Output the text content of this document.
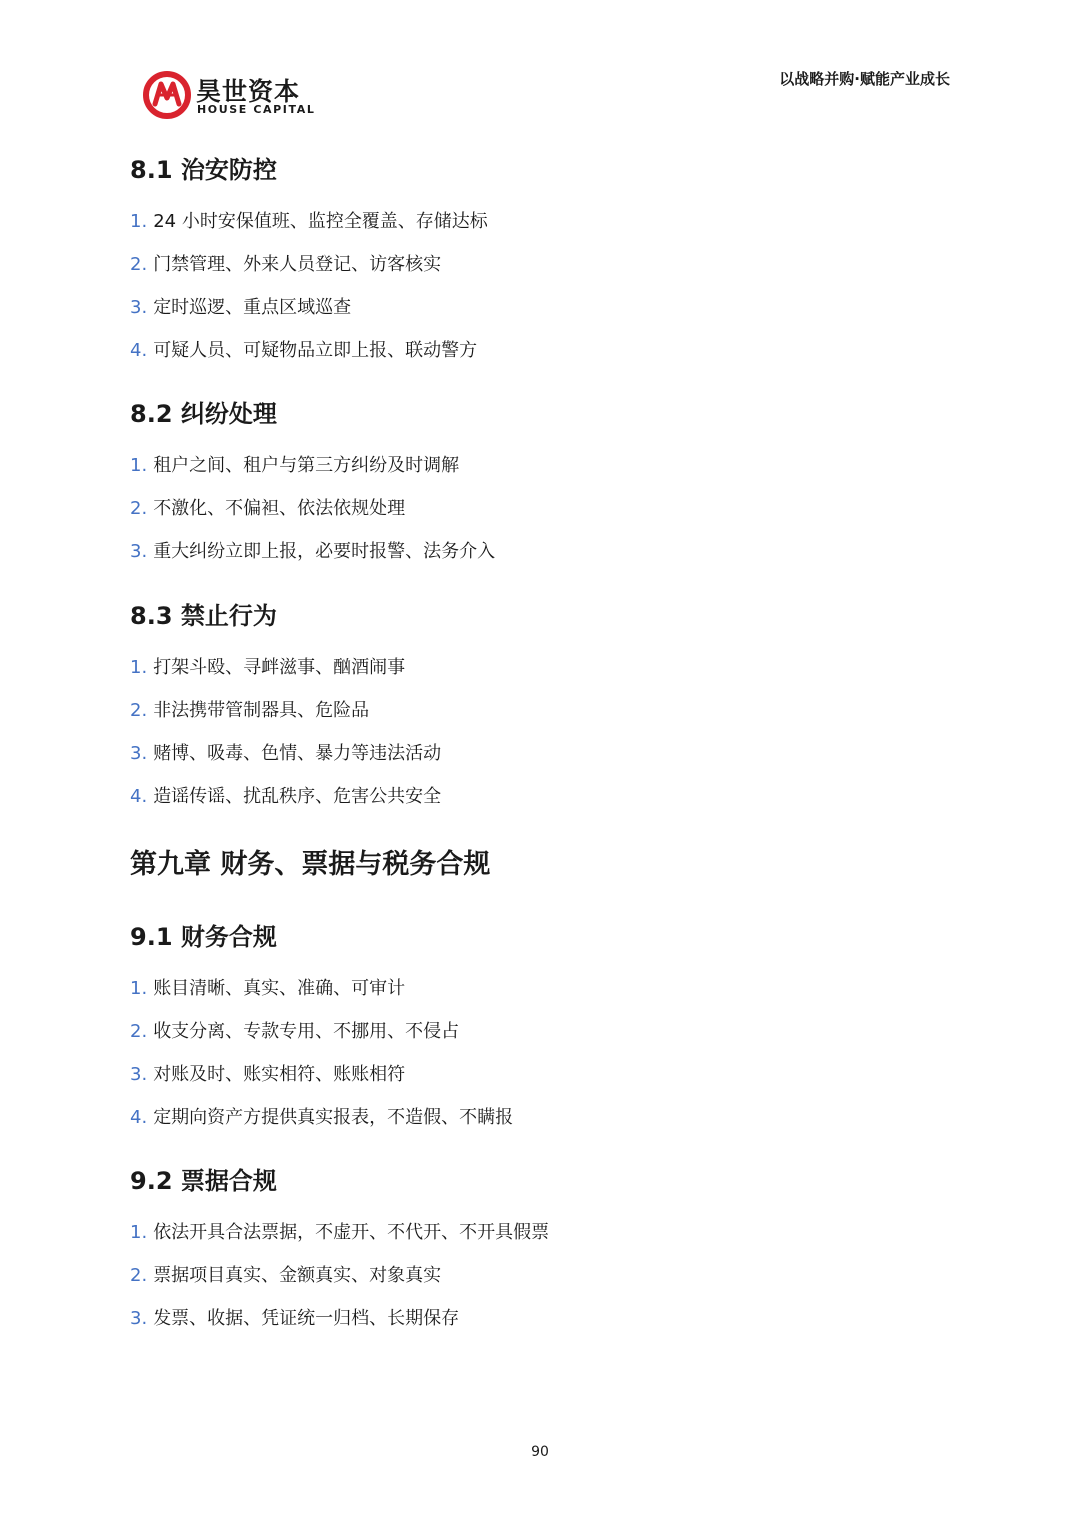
昊世资本
HOUSE CAPITAL
以战略并购·赋能产业成长
8.1 治安防控
1. 24 小时安保值班、监控全覆盖、存储达标
2. 门禁管理、外来人员登记、访客核实
3. 定时巡逻、重点区域巡查
4. 可疑人员、可疑物品立即上报、联动警方
8.2 纠纷处理
1. 租户之间、租户与第三方纠纷及时调解
2. 不激化、不偏袒、依法依规处理
3. 重大纠纷立即上报，必要时报警、法务介入
8.3 禁止行为
1. 打架斗殴、寻衅滋事、酗酒闹事
2. 非法携带管制器具、危险品
3. 赌博、吸毒、色情、暴力等违法活动
4. 造谣传谣、扰乱秩序、危害公共安全
第九章 财务、票据与税务合规
9.1 财务合规
1. 账目清晰、真实、准确、可审计
2. 收支分离、专款专用、不挪用、不侵占
3. 对账及时、账实相符、账账相符
4. 定期向资产方提供真实报表，不造假、不瞒报
9.2 票据合规
1. 依法开具合法票据，不虚开、不代开、不开具假票
2. 票据项目真实、金额真实、对象真实
3. 发票、收据、凭证统一归档、长期保存
90
